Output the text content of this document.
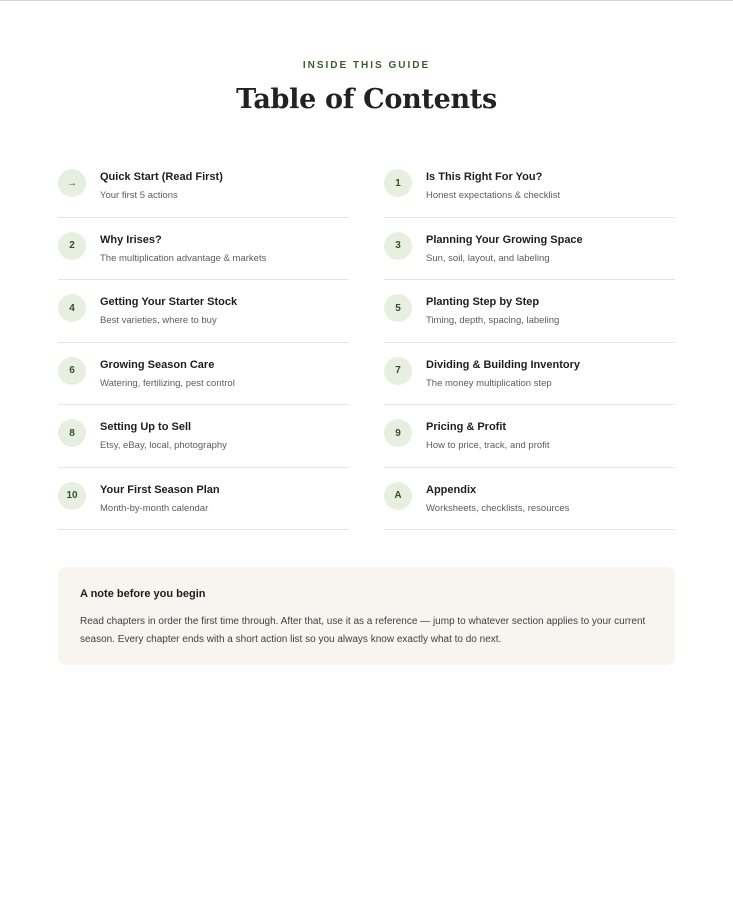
INSIDE THIS GUIDE
Table of Contents
→	Quick Start (Read First)
Your first 5 actions
1	Is This Right For You?
Honest expectations & checklist
2	Why Irises?
The multiplication advantage & markets
3	Planning Your Growing Space
Sun, soil, layout, and labeling
4	Getting Your Starter Stock
Best varieties, where to buy
5	Planting Step by Step
Timing, depth, spacing, labeling
6	Growing Season Care
Watering, fertilizing, pest control
7	Dividing & Building Inventory
The money multiplication step
8	Setting Up to Sell
Etsy, eBay, local, photography
9	Pricing & Profit
How to price, track, and profit
10	Your First Season Plan
Month-by-month calendar
A	Appendix
Worksheets, checklists, resources
A note before you begin
Read chapters in order the first time through. After that, use it as a reference — jump to whatever section applies to your current season. Every chapter ends with a short action list so you always know exactly what to do next.
